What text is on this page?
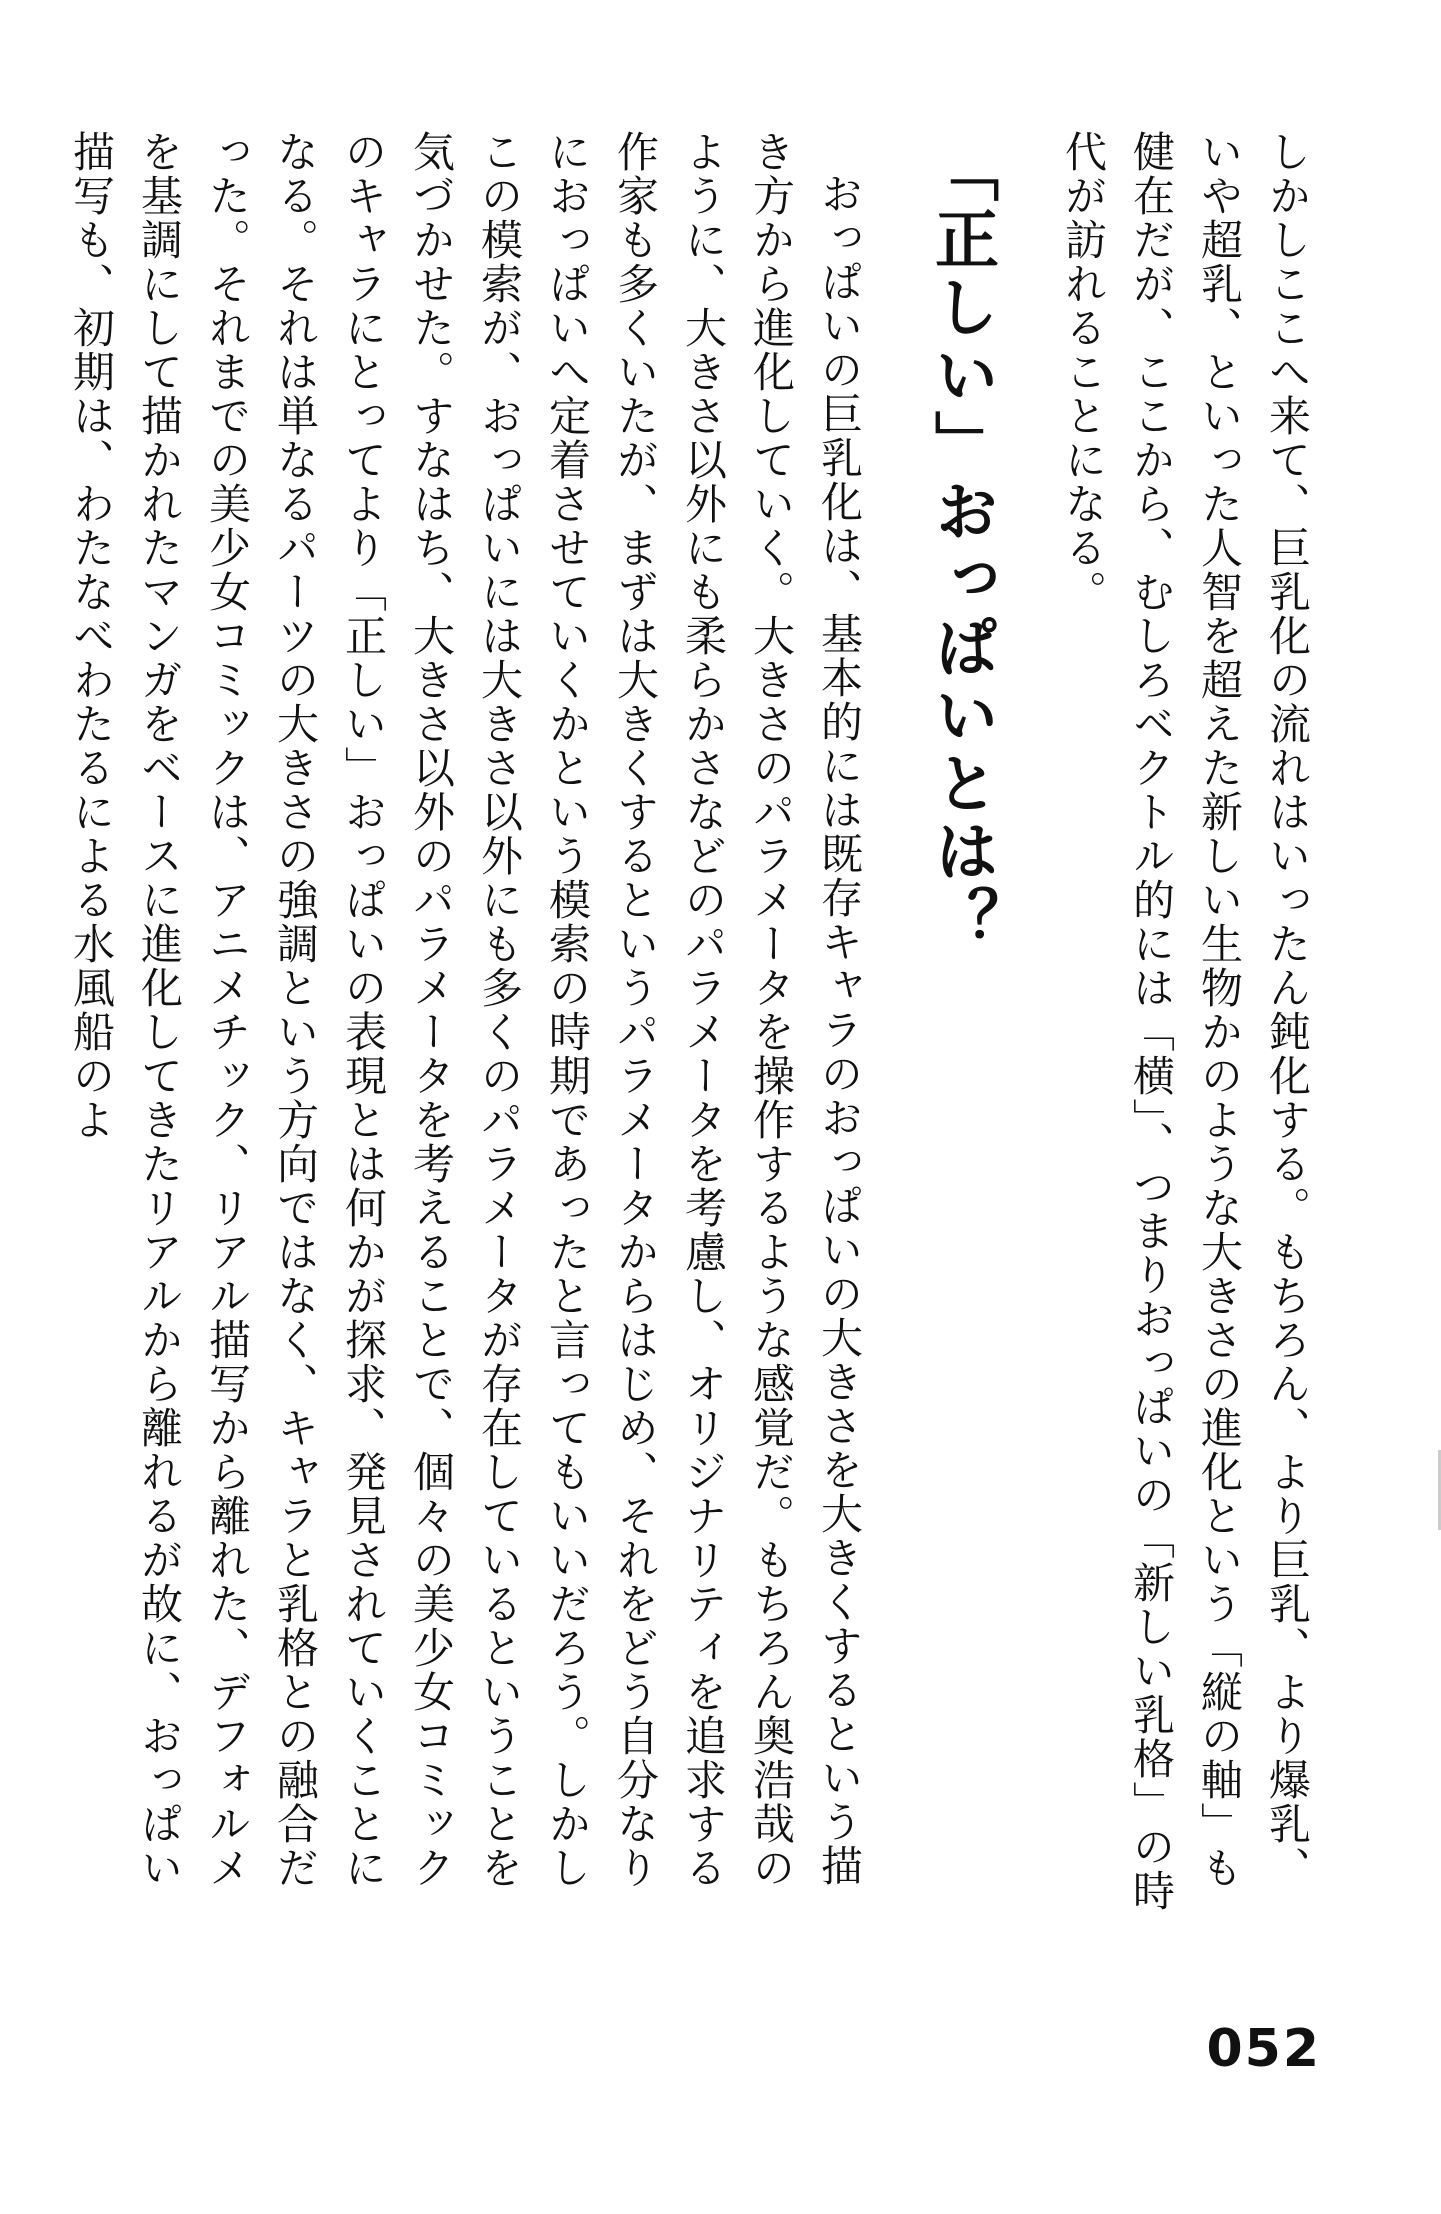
しかしここへ来て、巨乳化の流れはいったん鈍化する。もちろん、より巨乳、より爆乳、いや超乳、といった人智を超えた新しい生物かのような大きさの進化という「縦の軸」も健在だが、ここから、むしろベクトル的には「横」、つまりおっぱいの「新しい乳格」の時代が訪れることになる。

「正しい」おっぱいとは？

おっぱいの巨乳化は、基本的には既存キャラのおっぱいの大きさを大きくするという描き方から進化していく。大きさのパラメータを操作するような感覚だ。もちろん奥浩哉のように、大きさ以外にも柔らかさなどのパラメータを考慮し、オリジナリティを追求する作家も多くいたが、まずは大きくするというパラメータからはじめ、それをどう自分なりにおっぱいへ定着させていくかという模索の時期であったと言ってもいいだろう。しかしこの模索が、おっぱいには大きさ以外にも多くのパラメータが存在しているということを気づかせた。すなはち、大きさ以外のパラメータを考えることで、個々の美少女コミックのキャラにとってより「正しい」おっぱいの表現とは何かが探求、発見されていくことになる。それは単なるパーツの大きさの強調という方向ではなく、キャラと乳格との融合だった。それまでの美少女コミックは、アニメチック、リアル描写から離れた、デフォルメを基調にして描かれたマンガをベースに進化してきたリアルから離れるが故に、おっぱい描写も、初期は、わたなべわたるによる水風船のよ

052
